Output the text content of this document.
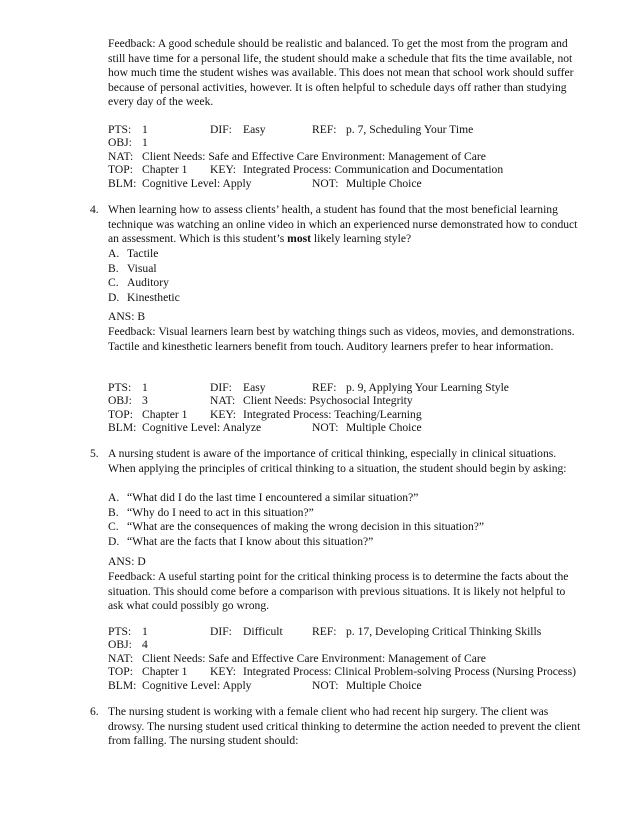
Feedback: A good schedule should be realistic and balanced. To get the most from the program and still have time for a personal life, the student should make a schedule that fits the time available, not how much time the student wishes was available. This does not mean that school work should suffer because of personal activities, however. It is often helpful to schedule days off rather than studying every day of the week.

PTS: 1	DIF: Easy	REF: p. 7, Scheduling Your Time
OBJ: 1
NAT: Client Needs: Safe and Effective Care Environment: Management of Care
TOP: Chapter 1 KEY: Integrated Process: Communication and Documentation
BLM: Cognitive Level: Apply	NOT: Multiple Choice
4. When learning how to assess clients’ health, a student has found that the most beneficial learning technique was watching an online video in which an experienced nurse demonstrated how to conduct an assessment. Which is this student’s most likely learning style?

A. Tactile
B. Visual
C. Auditory
D. Kinesthetic

ANS: B

Feedback: Visual learners learn best by watching things such as videos, movies, and demonstrations. Tactile and kinesthetic learners benefit from touch. Auditory learners prefer to hear information.

PTS: 1	DIF: Easy	REF: p. 9, Applying Your Learning Style
OBJ: 3	NAT: Client Needs: Psychosocial Integrity
TOP: Chapter 1 KEY: Integrated Process: Teaching/Learning
BLM: Cognitive Level: Analyze	NOT: Multiple Choice
5. A nursing student is aware of the importance of critical thinking, especially in clinical situations. When applying the principles of critical thinking to a situation, the student should begin by asking:

A. “What did I do the last time I encountered a similar situation?”
B. “Why do I need to act in this situation?”
C. “What are the consequences of making the wrong decision in this situation?”
D. “What are the facts that I know about this situation?”

ANS: D

Feedback: A useful starting point for the critical thinking process is to determine the facts about the situation. This should come before a comparison with previous situations. It is likely not helpful to ask what could possibly go wrong.

PTS: 1	DIF: Difficult	REF: p. 17, Developing Critical Thinking Skills
OBJ: 4
NAT: Client Needs: Safe and Effective Care Environment: Management of Care
TOP: Chapter 1 KEY: Integrated Process: Clinical Problem-solving Process (Nursing Process)
BLM: Cognitive Level: Apply	NOT: Multiple Choice
6. The nursing student is working with a female client who had recent hip surgery. The client was drowsy. The nursing student used critical thinking to determine the action needed to prevent the client from falling. The nursing student should:
